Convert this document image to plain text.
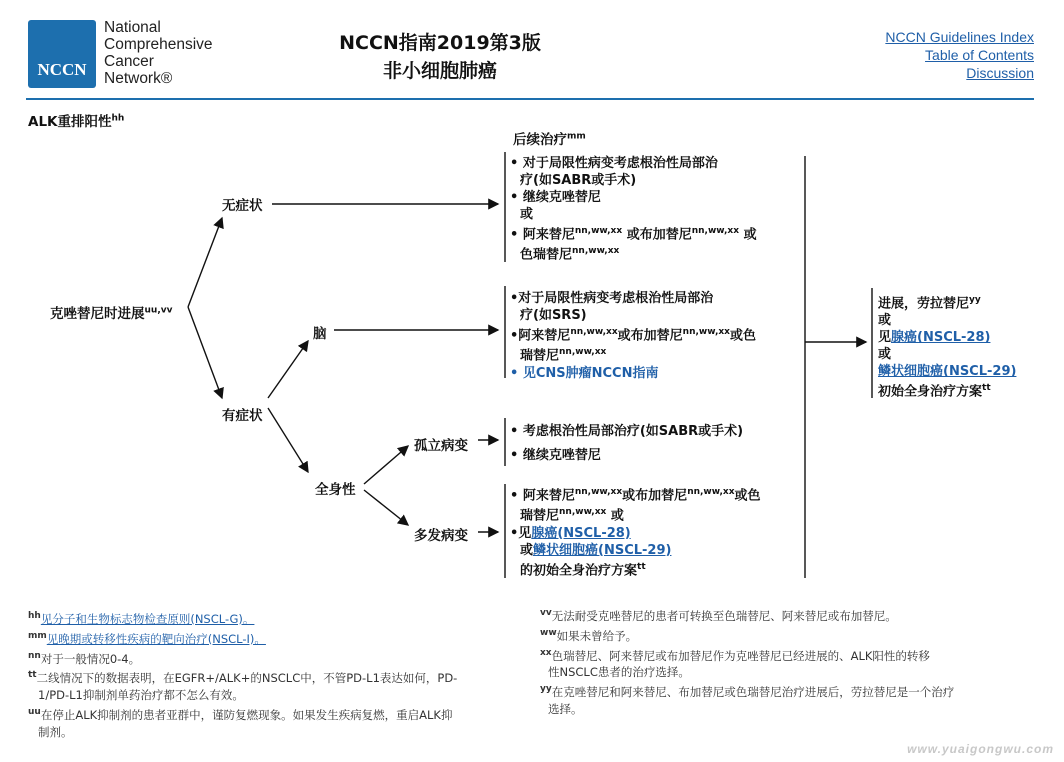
NCCN
National
Comprehensive
Cancer
Network®
NCCN指南2019第3版
非小细胞肺癌
NCCN Guidelines Index
Table of Contents
Discussion
ALK重排阳性$^{hh}$
克唑替尼时进展$^{uu,vv}$
无症状
有症状
脑
全身性
孤立病变
多发病变
后续治疗$^{mm}$
• 对于局限性病变考虑根治性局部治
疗(如SABR或手术)
• 继续克唑替尼
或
• 阿来替尼$^{nn,ww,xx}$ 或布加替尼$^{nn,ww,xx}$ 或
色瑞替尼$^{nn,ww,xx}$
•对于局限性病变考虑根治性局部治
疗(如SRS)
•阿来替尼$^{nn,ww,xx}$或布加替尼$^{nn,ww,xx}$或色
瑞替尼$^{nn,ww,xx}$
• 见CNS肿瘤NCCN指南
• 考虑根治性局部治疗(如SABR或手术)
• 继续克唑替尼
• 阿来替尼$^{nn,ww,xx}$或布加替尼$^{nn,ww,xx}$或色
瑞替尼$^{nn,ww,xx}$ 或
•见腺癌(NSCL-28)
或鳞状细胞癌(NSCL-29)
的初始全身治疗方案$^{tt}$
进展，劳拉替尼$^{yy}$
或
见腺癌(NSCL-28)
或
鳞状细胞癌(NSCL-29)
初始全身治疗方案$^{tt}$
$^{hh}$见分子和生物标志物检查原则(NSCL-G)。
$^{mm}$见晚期或转移性疾病的靶向治疗(NSCL-I)。
$^{nn}$对于一般情况0-4。
$^{tt}$二线情况下的数据表明，在EGFR+/ALK+的NSCLC中，不管PD-L1表达如何，PD-
1/PD-L1抑制剂单药治疗都不怎么有效。
$^{uu}$在停止ALK抑制剂的患者亚群中，谨防复燃现象。如果发生疾病复燃，重启ALK抑
制剂。
$^{vv}$无法耐受克唑替尼的患者可转换至色瑞替尼、阿来替尼或布加替尼。
$^{ww}$如果未曾给予。
$^{xx}$色瑞替尼、阿来替尼或布加替尼作为克唑替尼已经进展的、ALK阳性的转移
性NSCLC患者的治疗选择。
$^{yy}$在克唑替尼和阿来替尼、布加替尼或色瑞替尼治疗进展后，劳拉替尼是一个治疗
选择。
www.yuaigongwu.com
